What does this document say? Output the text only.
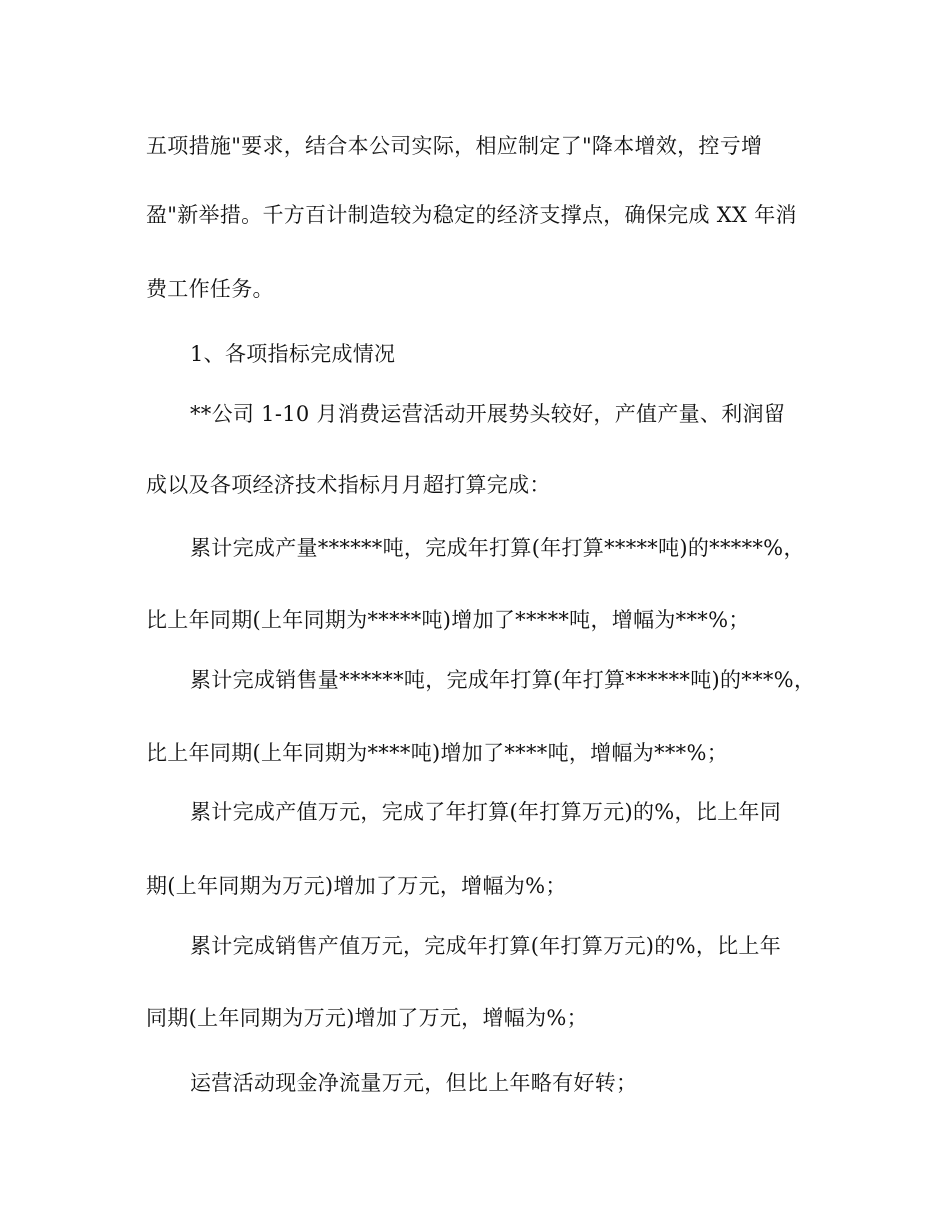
五项措施"要求，结合本公司实际，相应制定了"降本增效，控亏增
盈"新举措。千方百计制造较为稳定的经济支撑点，确保完成 XX 年消
费工作任务。
1、各项指标完成情况
**公司 1-10 月消费运营活动开展势头较好，产值产量、利润留
成以及各项经济技术指标月月超打算完成：
累计完成产量******吨，完成年打算(年打算*****吨)的*****%，
比上年同期(上年同期为*****吨)增加了*****吨，增幅为***%；
累计完成销售量******吨，完成年打算(年打算******吨)的***%，
比上年同期(上年同期为****吨)增加了****吨，增幅为***%；
累计完成产值万元，完成了年打算(年打算万元)的%，比上年同
期(上年同期为万元)增加了万元，增幅为%；
累计完成销售产值万元，完成年打算(年打算万元)的%，比上年
同期(上年同期为万元)增加了万元，增幅为%；
运营活动现金净流量万元，但比上年略有好转；
